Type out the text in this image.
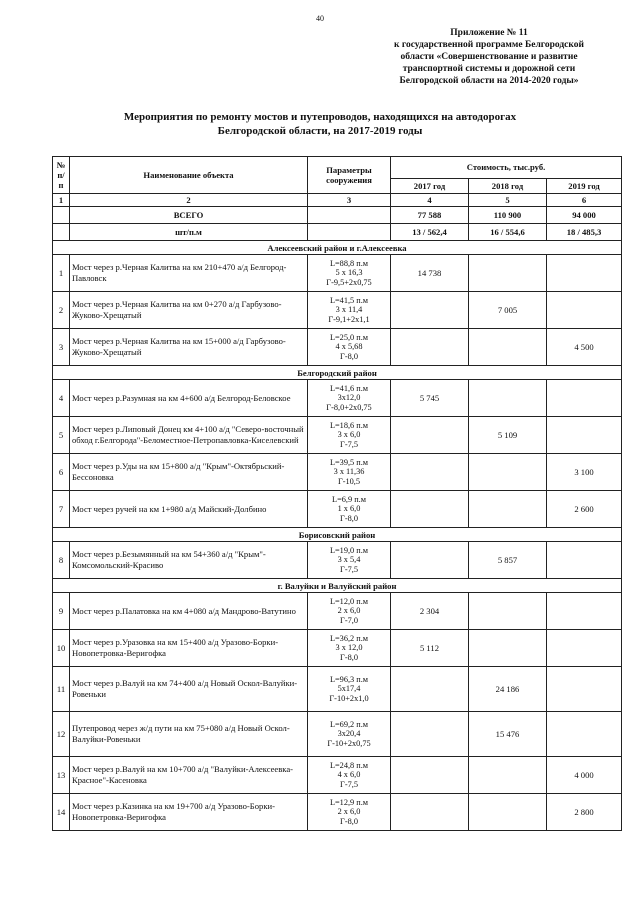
40
Приложение № 11
к государственной программе Белгородской
области «Совершенствование и развитие
транспортной системы и дорожной сети
Белгородской области на 2014-2020 годы»
Мероприятия по ремонту мостов и путепроводов, находящихся на автодорогах
Белгородской области, на 2017-2019 годы
№ п/п	Наименование объекта	Параметры сооружения	Стоимость, тыс.руб.		
			2017 год	2018 год	2019 год
1	2	3	4	5	6
	ВСЕГО		77 588	110 900	94 000
	шт/п.м		13 / 562,4	16 / 554,6	18 / 485,3
Алексеевский район и г.Алексеевка					
1	Мост через р.Черная Калитва на км 210+470 а/д Белгород-Павловск	L=88,8 п.м
5 х 16,3
Г-9,5+2х0,75	14 738		
2	Мост через р.Черная Калитва на км 0+270 а/д Гарбузово-Жуково-Хрещатый	L=41,5 п.м
3 х 11,4
Г-9,1+2х1,1		7 005	
3	Мост через р.Черная Калитва на км 15+000 а/д Гарбузово-Жуково-Хрещатый	L=25,0 п.м
4 х 5,68
Г-8,0			4 500
Белгородский район					
4	Мост через р.Разумная на км 4+600 а/д Белгород-Беловское	L=41,6 п.м
3х12,0
Г-8,0+2х0,75	5 745		
5	Мост через р.Липовый Донец км 4+100 а/д "Северо-восточный обход г.Белгорода"-Беломестное-Петропавловка-Киселевский	L=18,6 п.м
3 х 6,0
Г-7,5		5 109	
6	Мост через р.Уды на км 15+800 а/д "Крым"-Октябрьский-Бессоновка	L=39,5 п.м
3 х 11,36
Г-10,5			3 100
7	Мост через ручей на км 1+980 а/д Майский-Долбино	L=6,9 п.м
1 х 6,0
Г-8,0			2 600
Борисовский район					
8	Мост через р.Безымянный на км 54+360 а/д "Крым"-Комсомольский-Красиво	L=19,0 п.м
3 х 5,4
Г-7,5		5 857	
г. Валуйки и Валуйский район					
9	Мост через р.Палатовка на км 4+080 а/д Мандрово-Ватутино	L=12,0 п.м
2 х 6,0
Г-7,0	2 304		
10	Мост через р.Уразовка на км 15+400 а/д Уразово-Борки-Новопетровка-Веригофка	L=36,2 п.м
3 х 12,0
Г-8,0	5 112		
11	Мост через р.Валуй на км 74+400 а/д Новый Оскол-Валуйки-Ровеньки	L=96,3 п.м
5х17,4
Г-10+2х1,0		24 186	
12	Путепровод через ж/д пути на км 75+080 а/д Новый Оскол-Валуйки-Ровеньки	L=69,2 п.м
3х20,4
Г-10+2х0,75		15 476	
13	Мост через р.Валуй на км 10+700 а/д "Валуйки-Алексеевка-Красное"-Касеновка	L=24,8 п.м
4 х 6,0
Г-7,5			4 000
14	Мост через р.Казинка на км 19+700 а/д Уразово-Борки-Новопетровка-Веригофка	L=12,9 п.м
2 х 6,0
Г-8,0			2 800
